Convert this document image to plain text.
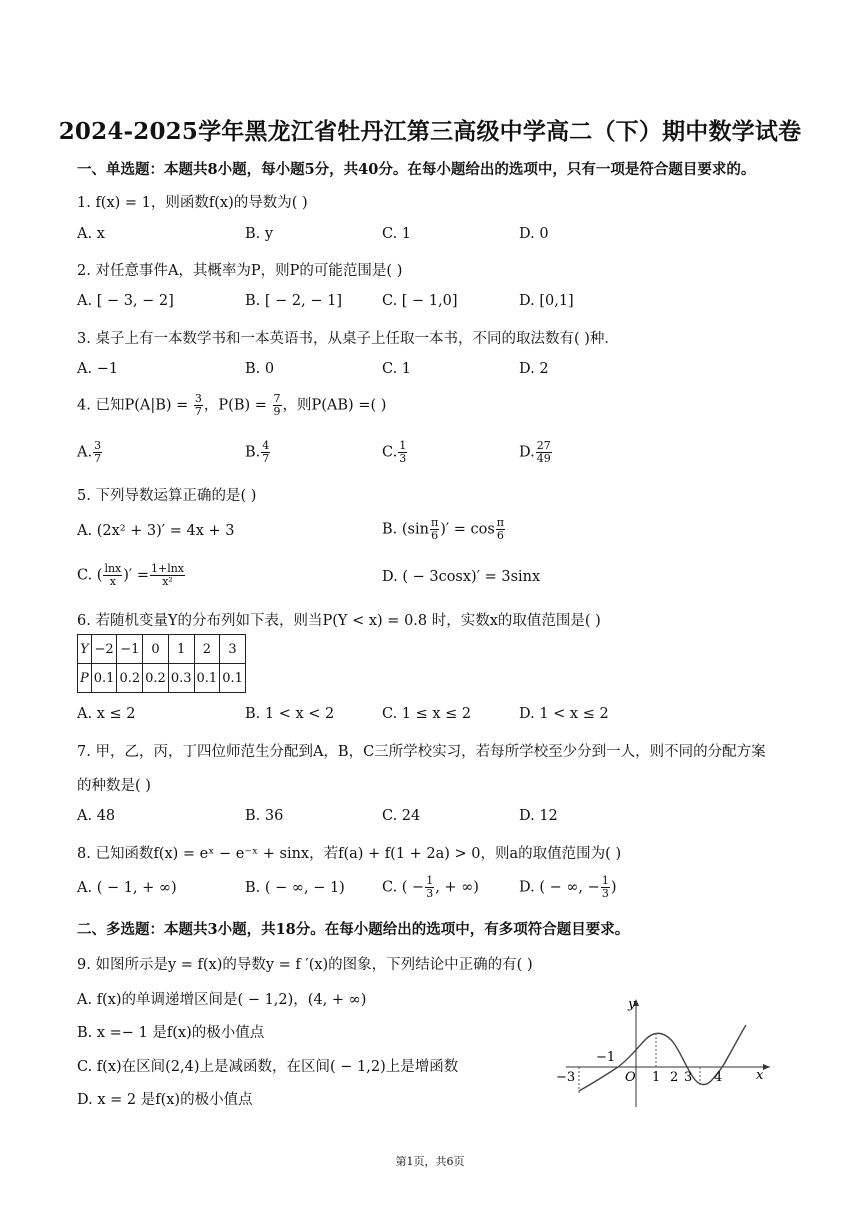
2024-2025学年黑龙江省牡丹江第三高级中学高二（下）期中数学试卷
一、单选题：本题共8小题，每小题5分，共40分。在每小题给出的选项中，只有一项是符合题目要求的。
1. f(x) = 1，则函数f(x)的导数为( )
A. x	B. y	C. 1	D. 0
2. 对任意事件A，其概率为P，则P的可能范围是( )
A. [ − 3, − 2]	B. [ − 2, − 1]	C. [ − 1,0]	D. [0,1]
3. 桌子上有一本数学书和一本英语书，从桌子上任取一本书，不同的取法数有( )种．
A. −1	B. 0	C. 1	D. 2
4. 已知$P(A|B) = \frac{3}{7}$ ，$P(B) = \frac{7}{9}$ ，则P(AB) =( )
A. $\frac{3}{7}$	B. $\frac{4}{7}$	C. $\frac{1}{3}$	D. $\frac{27}{49}$
5. 下列导数运算正确的是( )
A. (2x² + 3)′ = 4x + 3	B. ($\sin \frac{\pi}{6}$ )′ = $\cos \frac{\pi}{6}$
C. ( $\frac{\ln x}{x}$ )′ = $\frac{1+\ln x}{\text{x²}}$	D. ( − 3cosx)′ = 3sinx
6. 若随机变量Y的分布列如下表，则当P(Y < x) = 0.8 时，实数x的取值范围是( )
Y	−2	−1	0	1	2	3
P	0.1	0.2	0.2	0.3	0.1	0.1
A. x ≤ 2	B. 1 < x < 2	C. 1 ≤ x ≤ 2	D. 1 < x ≤ 2
7. 甲，乙，丙，丁四位师范生分配到A，B，C三所学校实习，若每所学校至少分到一人，则不同的分配方案
的种数是( )
A. 48	B. 36	C. 24	D. 12
8. 已知函数f(x) = eˣ − e⁻ˣ + sinx，若f(a) + f(1 + 2a) > 0，则a的取值范围为( )
A. ( − 1, + ∞)	B. ( − ∞, − 1)	C. ( − $\frac{1}{3}$ , + ∞)	D. ( − ∞, − $\frac{1}{3}$ )
二、多选题：本题共3小题，共18分。在每小题给出的选项中，有多项符合题目要求。
9. 如图所示是y = f(x)的导数y = f ′(x)的图象，下列结论中正确的有( )
A. f(x)的单调递增区间是( − 1,2)，(4, + ∞)
B. x =− 1 是f(x)的极小值点
C. f(x)在区间(2,4)上是减函数，在区间( − 1,2)上是增函数
D. x = 2 是f(x)的极小值点
y
x
O
−3
−1
1 2 3 4
第1页，共6页
